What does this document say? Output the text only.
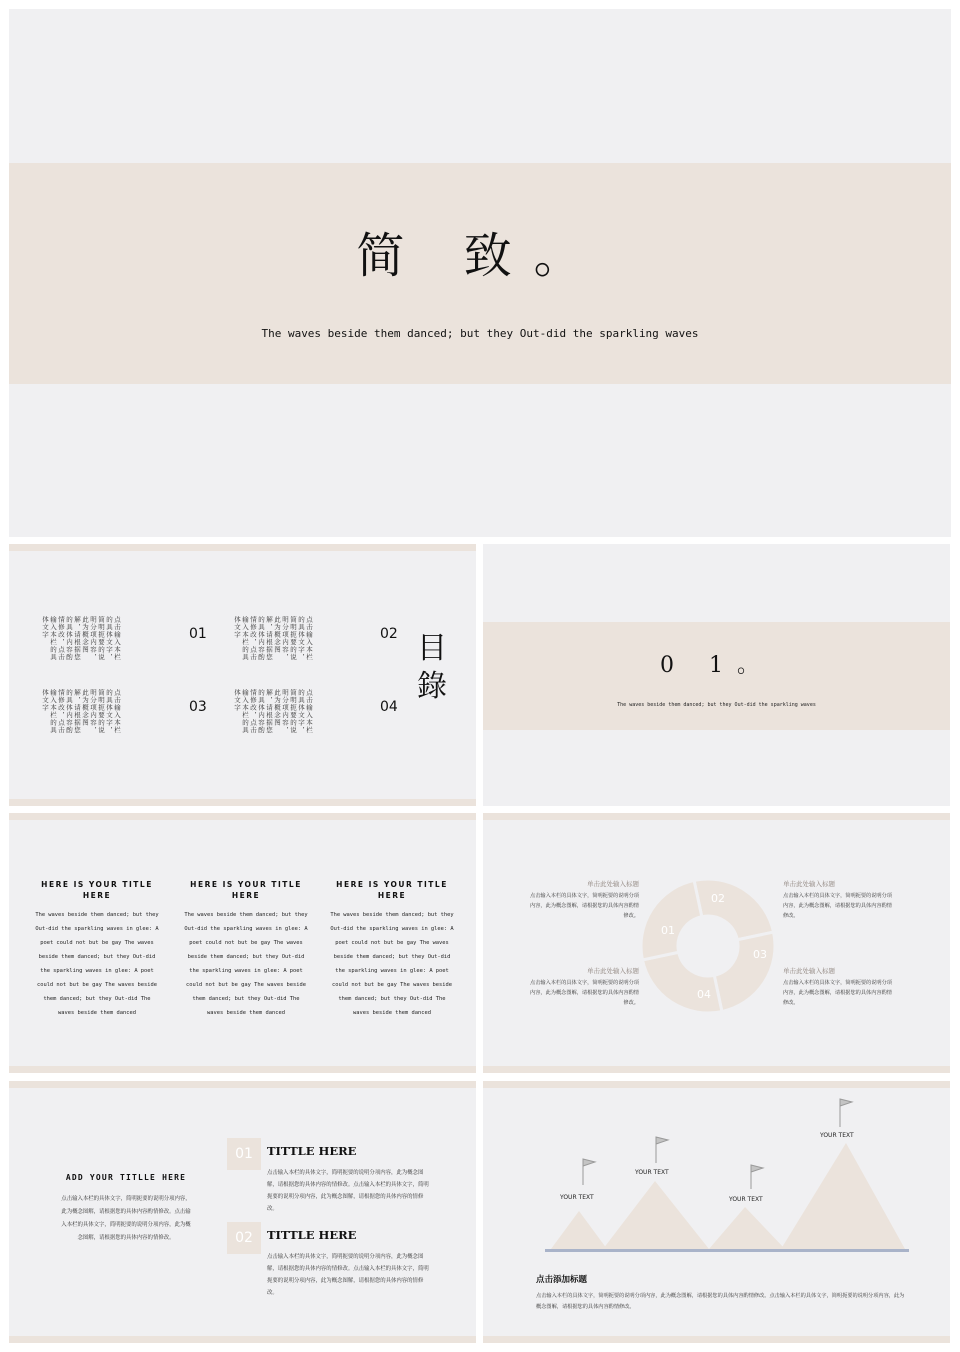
简 致。
The waves beside them danced; but they Out-did the sparkling waves
点击输入本栏的具体文字，简明扼要的说明分项内容，此为概念图解，请根据您的具体内容酌情修改，点击输入本栏的具体文字	01	点击输入本栏的具体文字，简明扼要的说明分项内容，此为概念图解，请根据您的具体内容酌情修改，点击输入本栏的具体文字	02
点击输入本栏的具体文字，简明扼要的说明分项内容，此为概念图解，请根据您的具体内容酌情修改，点击输入本栏的具体文字	03	点击输入本栏的具体文字，简明扼要的说明分项内容，此为概念图解，请根据您的具体内容酌情修改，点击输入本栏的具体文字	04
目 錄
0 1。
The waves beside them danced; but they Out-did the sparkling waves
HERE IS YOUR TITLE HERE
The waves beside them danced; but they Out-did the sparkling waves in glee: A poet could not but be gay The waves beside them danced; but they Out-did the sparkling waves in glee: A poet could not but be gay The waves beside them danced; but they Out-did The waves beside them danced
HERE IS YOUR TITLE HERE
The waves beside them danced; but they Out-did the sparkling waves in glee: A poet could not but be gay The waves beside them danced; but they Out-did the sparkling waves in glee: A poet could not but be gay The waves beside them danced; but they Out-did The waves beside them danced
HERE IS YOUR TITLE HERE
The waves beside them danced; but they Out-did the sparkling waves in glee: A poet could not but be gay The waves beside them danced; but they Out-did the sparkling waves in glee: A poet could not but be gay The waves beside them danced; but they Out-did The waves beside them danced
单击此处输入标题
点击输入本栏的具体文字，简明扼要的说明分项内容，此为概念图解，请根据您的具体内容酌情修改。
单击此处输入标题
点击输入本栏的具体文字，简明扼要的说明分项内容，此为概念图解，请根据您的具体内容酌情修改。
单击此处输入标题
点击输入本栏的具体文字，简明扼要的说明分项内容，此为概念图解，请根据您的具体内容酌情修改。
单击此处输入标题
点击输入本栏的具体文字，简明扼要的说明分项内容，此为概念图解，请根据您的具体内容酌情修改。
01
02
03
04
ADD YOUR TITLLE HERE
点击输入本栏的具体文字，简明扼要的说明分项内容，此为概念图解，请根据您的具体内容酌情修改。点击输入本栏的具体文字，简明扼要的说明分项内容，此为概念图解，请根据您的具体内容的情修改。
01	TITTLE HERE
点击输入本栏的具体文字，简明扼要的说明分项内容，此为概念图解，请根据您的具体内容的情修改。点击输入本栏的具体文字，简明扼要的说明分项内容，此为概念图解，请根据您的具体内容的情修改。
02	TITTLE HERE
点击输入本栏的具体文字，简明扼要的说明分项内容，此为概念图解，请根据您的具体内容的情修改。点击输入本栏的具体文字，简明扼要的说明分项内容，此为概念图解，请根据您的具体内容的情修改。
YOUR TEXT
YOUR TEXT
YOUR TEXT
YOUR TEXT
点击添加标题
点击输入本栏的具体文字，简明扼要的说明分项内容，此为概念图解，请根据您的具体内容酌情修改。点击输入本栏的具体文字，简明扼要的说明分项内容，此为概念图解，请根据您的具体内容酌情修改。
